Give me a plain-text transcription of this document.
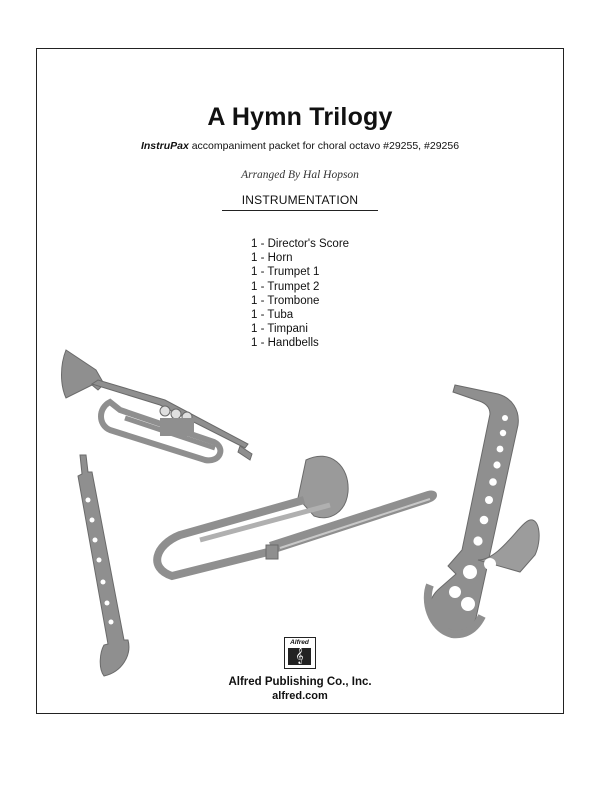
A Hymn Trilogy
InstruPax accompaniment packet for choral octavo #29255, #29256
Arranged By Hal Hopson
INSTRUMENTATION
1 - Director's Score
1 - Horn
1 - Trumpet 1
1 - Trumpet 2
1 - Trombone
1 - Tuba
1 - Timpani
1 - Handbells
Alfred
𝄞
Alfred Publishing Co., Inc.
alfred.com
